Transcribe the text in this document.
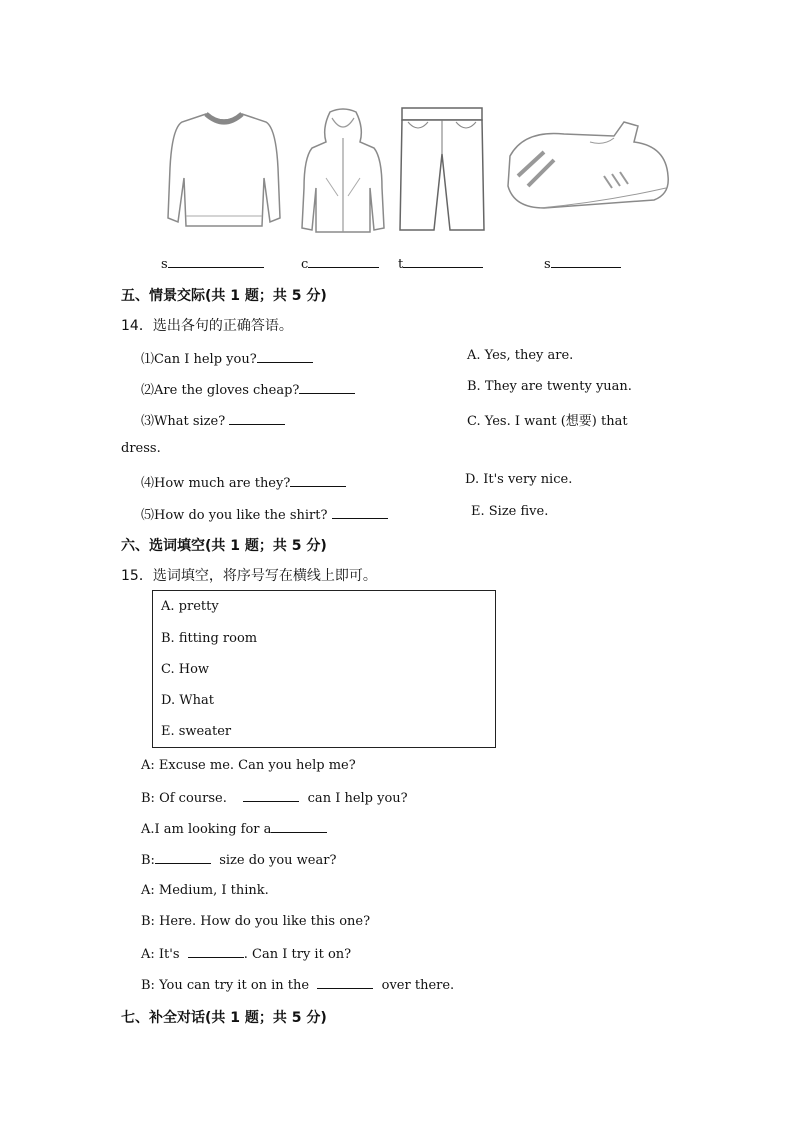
s	c	t	s
五、情景交际(共 1 题；共 5 分)
14．选出各句的正确答语。
⑴Can I help you?
⑵Are the gloves cheap?
⑶What size?
⑷How much are they?
⑸How do you like the shirt?
A. Yes, they are.
B. They are twenty yuan.
C. Yes. I want (想要) that
dress.
D. It's very nice.
E. Size five.
六、选词填空(共 1 题；共 5 分)
15．选词填空，将序号写在横线上即可。
A. pretty
B. fitting room
C. How
D. What
E. sweater
A: Excuse me. Can you help me?
B: Of course.	can I help you?
A.I am looking for a
B:	size do you wear?
A: Medium, I think.
B: Here. How do you like this one?
A: It's	. Can I try it on?
B: You can try it on in the	over there.
七、补全对话(共 1 题；共 5 分)
